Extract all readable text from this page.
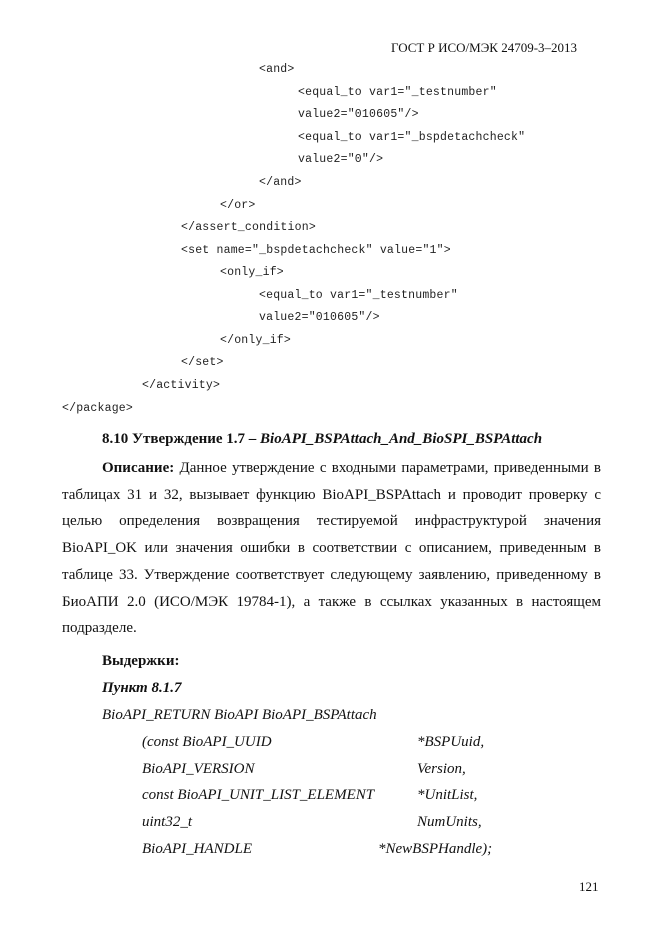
ГОСТ Р ИСО/МЭК 24709-3–2013
<and>
<equal_to var1="_testnumber"
value2="010605"/>
<equal_to var1="_bspdetachcheck"
value2="0"/>
</and>
</or>
</assert_condition>
<set name="_bspdetachcheck" value="1">
<only_if>
<equal_to var1="_testnumber"
value2="010605"/>
</only_if>
</set>
</activity>
</package>
8.10 Утверждение 1.7 – BioAPI_BSPAttach_And_BioSPI_BSPAttach
Описание: Данное утверждение с входными параметрами, приведенными в таблицах 31 и 32, вызывает функцию BioAPI_BSPAttach и проводит проверку с целью определения возвращения тестируемой инфраструктурой значения BioAPI_OK или значения ошибки в соответствии с описанием, приведенным в таблице 33. Утверждение соответствует следующему заявлению, приведенному в БиоАПИ 2.0 (ИСО/МЭК 19784-1), а также в ссылках указанных в настоящем подразделе.
Выдержки:
Пункт 8.1.7
BioAPI_RETURN BioAPI BioAPI_BSPAttach
(const BioAPI_UUID	*BSPUuid,
BioAPI_VERSION	Version,
const BioAPI_UNIT_LIST_ELEMENT	*UnitList,
uint32_t	NumUnits,
BioAPI_HANDLE	*NewBSPHandle);
121
